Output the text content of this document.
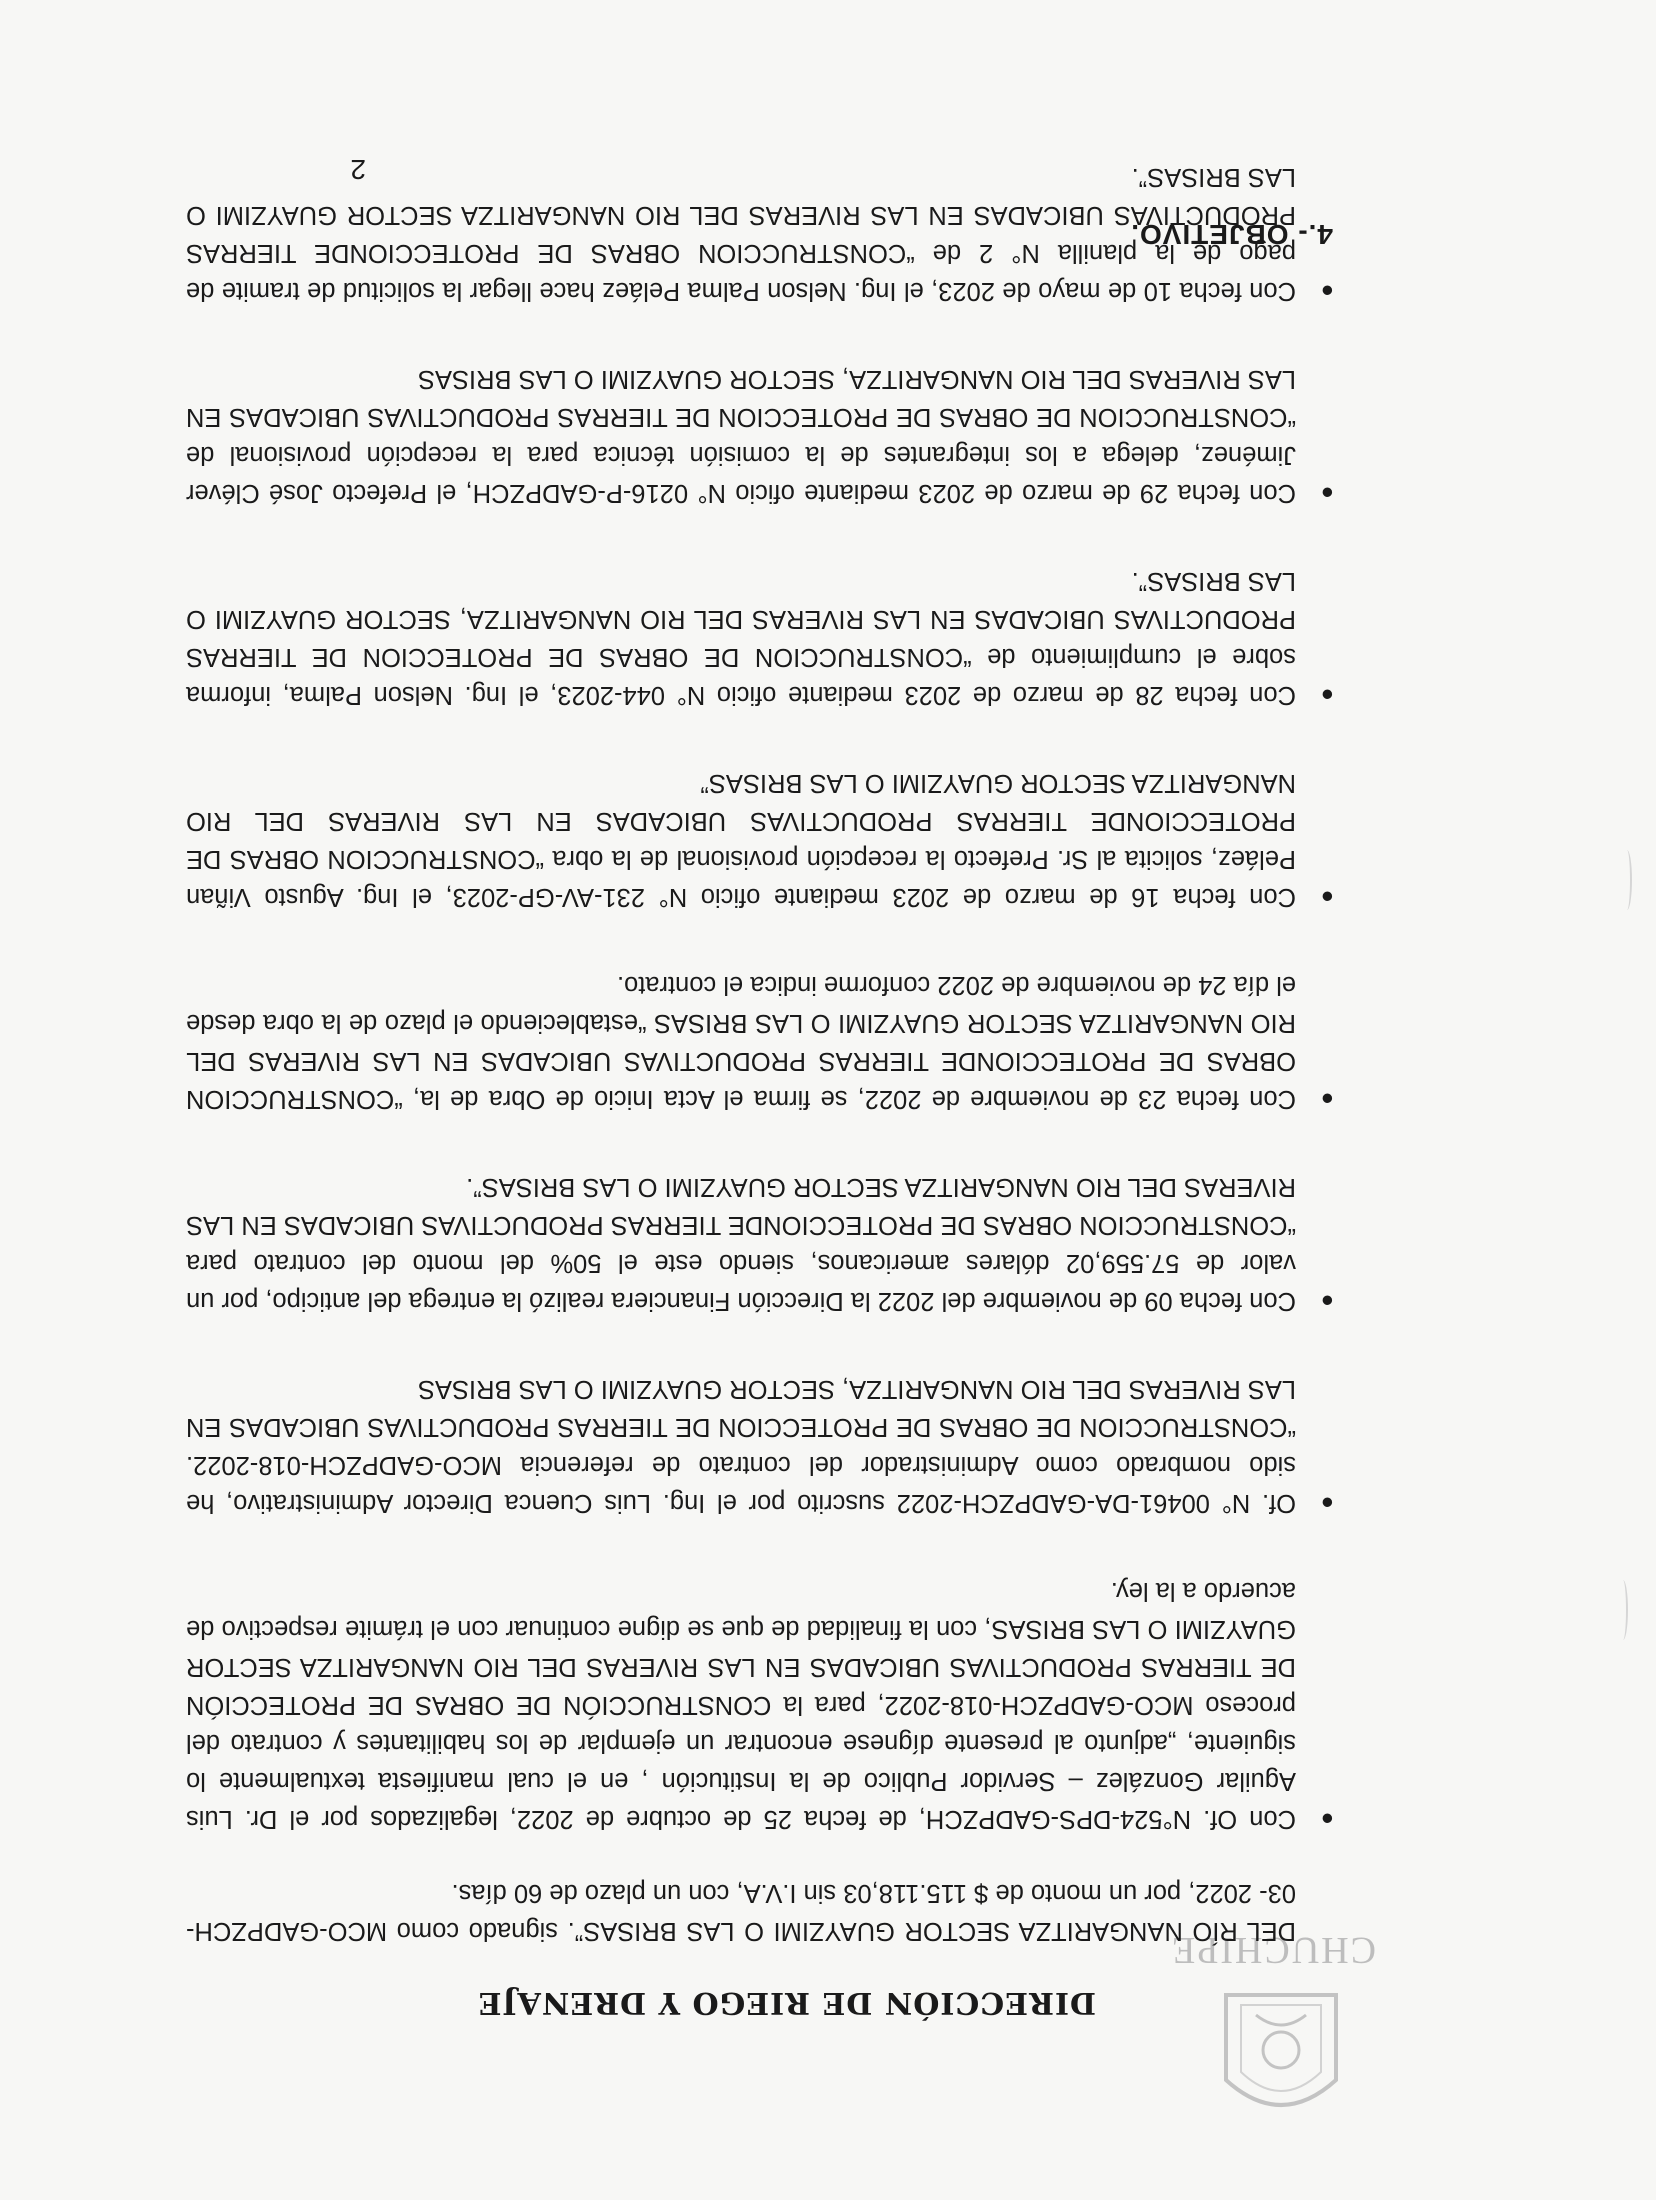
CHUCHIPE
DIRECCIÓN DE RIEGO Y DRENAJE

DEL RÍO NANGARITZA SECTOR GUAYZIMI O LAS BRISAS”. signado como MCO-GADPZCH-03- 2022, por un monto de $ 115.118,03 sin I.V.A, con un plazo de 60 días.

●
Con Of. N°524-DPS-GADPZCH, de fecha 25 de octubre de 2022, legalizados por el Dr. Luis Aguilar González – Servidor Publico de la Institución , en el cual manifiesta textualmente lo siguiente, „adjunto al presente dígnese encontrar un ejemplar de los habilitantes y contrato del proceso MCO-GADPZCH-018-2022, para la CONSTRUCCIÓN DE OBRAS DE PROTECCIÓN DE TIERRAS PRODUCTIVAS UBICADAS EN LAS RIVERAS DEL RIO NANGARITZA SECTOR GUAYZIMI O LAS BRISAS, con la finalidad de que se digne continuar con el trámite respectivo de acuerdo a la ley.
●
Of. N° 00461-DA-GADPZCH-2022 suscrito por el Ing. Luis Cuenca Director Administrativo, he sido nombrado como Administrador del contrato de referencia MCO-GADPZCH-018-2022. “CONSTRUCCION DE OBRAS DE PROTECCION DE TIERRAS PRODUCTIVAS UBICADAS EN LAS RIVERAS DEL RIO NANGARITZA, SECTOR GUAYZIMI O LAS BRISAS
●
Con fecha 09 de noviembre del 2022 la Dirección Financiera realizó la entrega del anticipo, por un valor de 57.559,02 dólares americanos, siendo este el 50% del monto del contrato para “CONSTRUCCION OBRAS DE PROTECCIONDE TIERRAS PRODUCTIVAS UBICADAS EN LAS RIVERAS DEL RIO NANGARITZA SECTOR GUAYZIMI O LAS BRISAS”.
●
Con fecha 23 de noviembre de 2022, se firma el Acta Inicio de Obra de la, “CONSTRUCCION OBRAS DE PROTECCIONDE TIERRAS PRODUCTIVAS UBICADAS EN LAS RIVERAS DEL RIO NANGARITZA SECTOR GUAYZIMI O LAS BRISAS “estableciendo el plazo de la obra desde el día 24 de noviembre de 2022 conforme indica el contrato.
●
Con fecha 16 de marzo de 2023 mediante oficio N° 231-AV-GP-2023, el Ing. Agusto Viñan Peláez, solicita al Sr. Prefecto la recepción provisional de la obra “CONSTRUCCION OBRAS DE PROTECCIONDE TIERRAS PRODUCTIVAS UBICADAS EN LAS RIVERAS DEL RIO NANGARITZA SECTOR GUAYZIMI O LAS BRISAS”
●
Con fecha 28 de marzo de 2023 mediante oficio N° 044-2023, el Ing. Nelson Palma, informa sobre el cumplimiento de “CONSTRUCCION DE OBRAS DE PROTECCION DE TIERRAS PRODUCTIVAS UBICADAS EN LAS RIVERAS DEL RIO NANGARITZA, SECTOR GUAYZIMI O LAS BRISAS”.
●
Con fecha 29 de marzo de 2023 mediante oficio N° 0216-P-GADPZCH, el Prefecto José Cléver Jiménez, delega a los integrantes de la comisión técnica para la recepción provisional de “CONSTRUCCION DE OBRAS DE PROTECCION DE TIERRAS PRODUCTIVAS UBICADAS EN LAS RIVERAS DEL RIO NANGARITZA, SECTOR GUAYZIMI O LAS BRISAS
●
Con fecha 10 de mayo de 2023, el Ing. Nelson Palma Peláez hace llegar la solicitud de tramite de pago de la planilla N° 2 de “CONSTRUCCION OBRAS DE PROTECCIONDE TIERRAS PRODUCTIVAS UBICADAS EN LAS RIVERAS DEL RIO NANGARITZA SECTOR GUAYZIMI O LAS BRISAS”.
4.- OBJETIVO.
2
